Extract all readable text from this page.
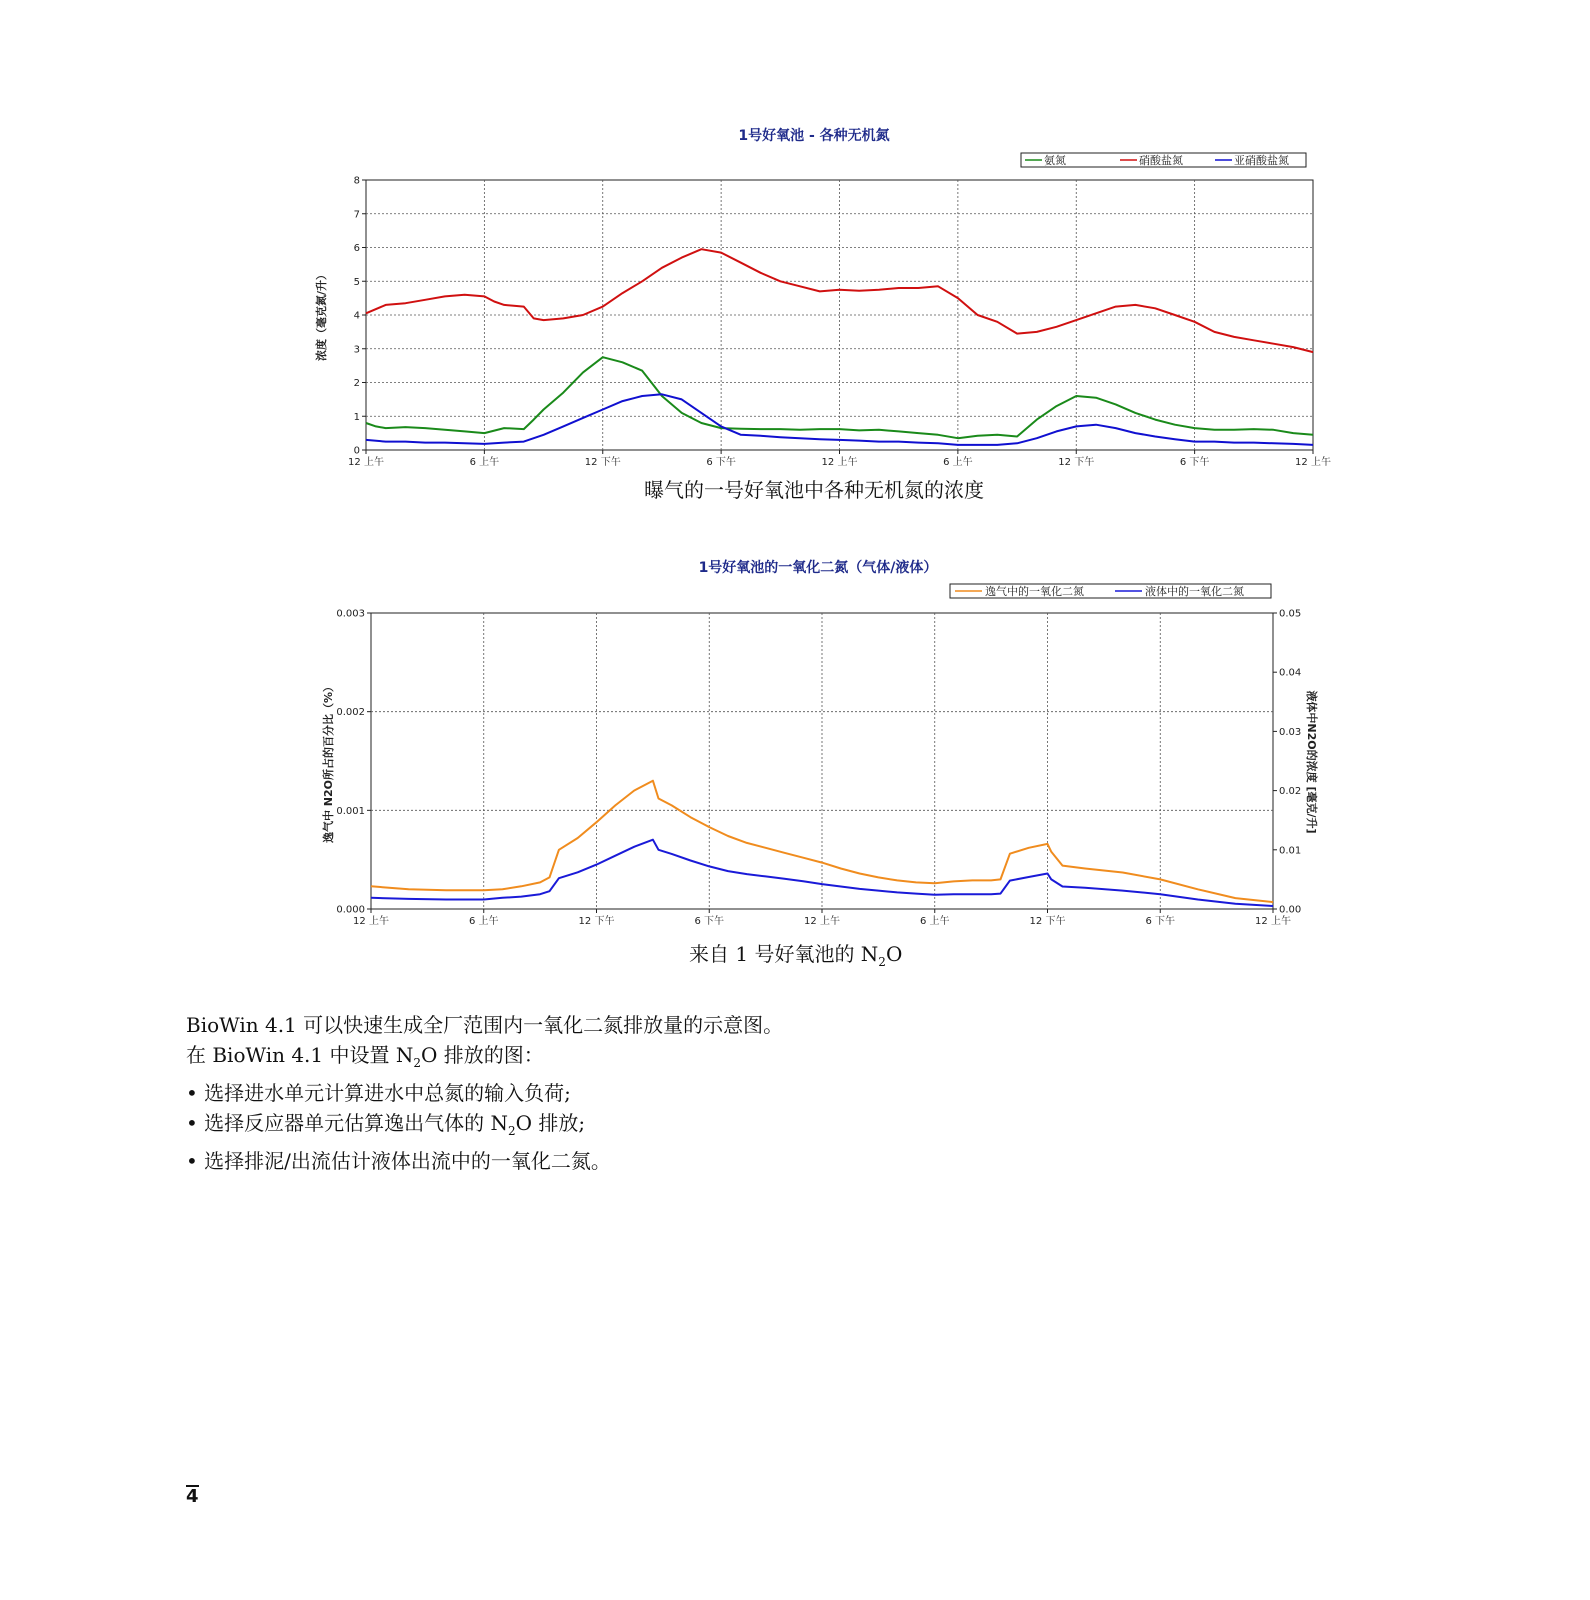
1号好氧池 - 各种无机氮
氨氮	硝酸盐氮	亚硝酸盐氮
0
1
2
3
4
5
6
7
8
12 上午	6 上午	12 下午	6 下午	12 上午	6 上午	12 下午	6 下午	12 上午
浓度（毫克氮/升）
曝气的一号好氧池中各种无机氮的浓度
1号好氧池的一氧化二氮（气体/液体）
逸气中的一氧化二氮	液体中的一氧化二氮
0.000
0.001
0.002
0.003
0.00
0.01
0.02
0.03
0.04
0.05
12 上午	6 上午	12 下午	6 下午	12 上午	6 上午	12 下午	6 下午	12 上午
逸气中 N2O所占的百分比（%）	液体中N2O的浓度 [毫克/升]
来自 1 号好氧池的 $N_2O$

BioWin 4.1 可以快速生成全厂范围内一氧化二氮排放量的示意图。

在 BioWin 4.1 中设置 $N_2O$ 排放的图：

• 选择进水单元计算进水中总氮的输入负荷;

• 选择反应器单元估算逸出气体的 $N_2O$ 排放;

• 选择排泥/出流估计液体出流中的一氧化二氮。

4
